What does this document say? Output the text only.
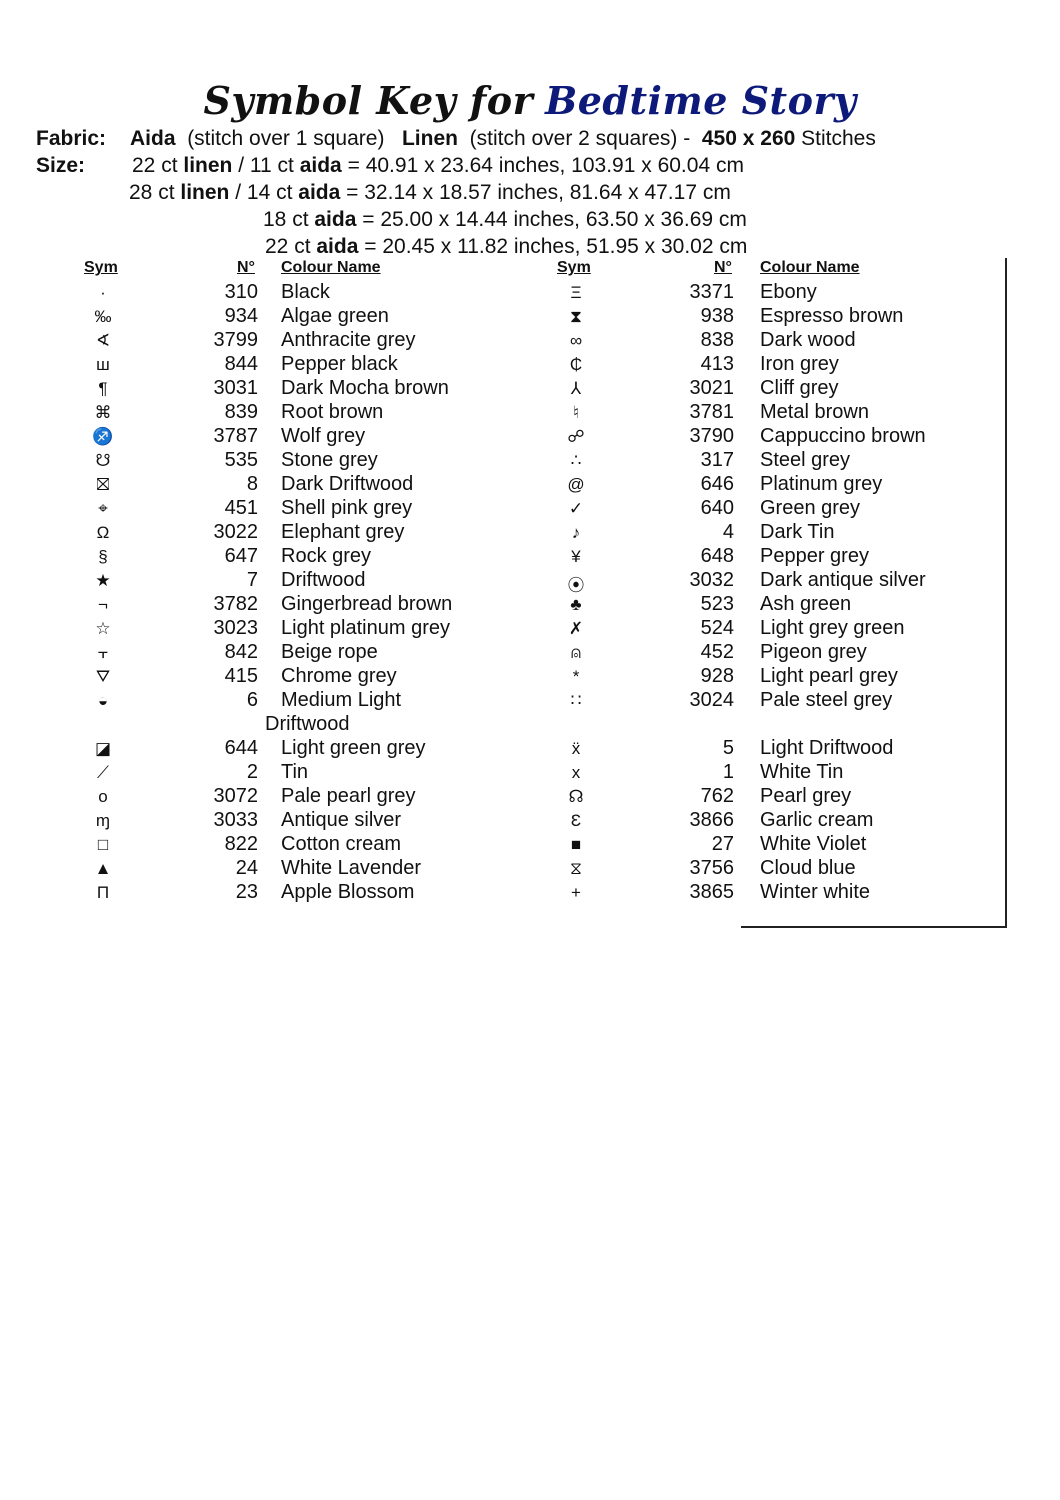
Symbol Key for Bedtime Story
Fabric: Aida (stitch over 1 square) Linen (stitch over 2 squares) - 450 x 260 Stitches
Size: 22 ct linen / 11 ct aida = 40.91 x 23.64 inches, 103.91 x 60.04 cm
28 ct linen / 14 ct aida = 32.14 x 18.57 inches, 81.64 x 47.17 cm
18 ct aida = 25.00 x 14.44 inches, 63.50 x 36.69 cm
22 ct aida = 20.45 x 11.82 inches, 51.95 x 30.02 cm
Sym	N° Colour Name
·	310 Black
‰	934 Algae green
∢	3799 Anthracite grey
ш	844 Pepper black
¶	3031 Dark Mocha brown
⌘	839 Root brown
♐	3787 Wolf grey
☋	535 Stone grey
⛝	8 Dark Driftwood
⌖	451 Shell pink grey
Ω	3022 Elephant grey
§	647 Rock grey
★	7 Driftwood
¬	3782 Gingerbread brown
☆	3023 Light platinum grey
⫟	842 Beige rope
⛛	415 Chrome grey
◒	6 Medium Light
Driftwood
◪	644 Light green grey
⟋	2 Tin
o	3072 Pale pearl grey
ɱ	3033 Antique silver
□	822 Cotton cream
▲	24 White Lavender
Π	23 Apple Blossom
Sym	N° Colour Name
Ξ	3371 Ebony
⧗	938 Espresso brown
∞	838 Dark wood
₵	413 Iron grey
⅄	3021 Cliff grey
♮	3781 Metal brown
☍	3790 Cappuccino brown
∴	317 Steel grey
@	646 Platinum grey
✓	640 Green grey
♪	4 Dark Tin
¥	648 Pepper grey
⦿	3032 Dark antique silver
♣	523 Ash green
✗	524 Light grey green
⍝	452 Pigeon grey
*	928 Light pearl grey
∷	3024 Pale steel grey
ẍ	5 Light Driftwood
x	1 White Tin
☊	762 Pearl grey
Ɛ	3866 Garlic cream
■	27 White Violet
⧖	3756 Cloud blue
+	3865 Winter white
